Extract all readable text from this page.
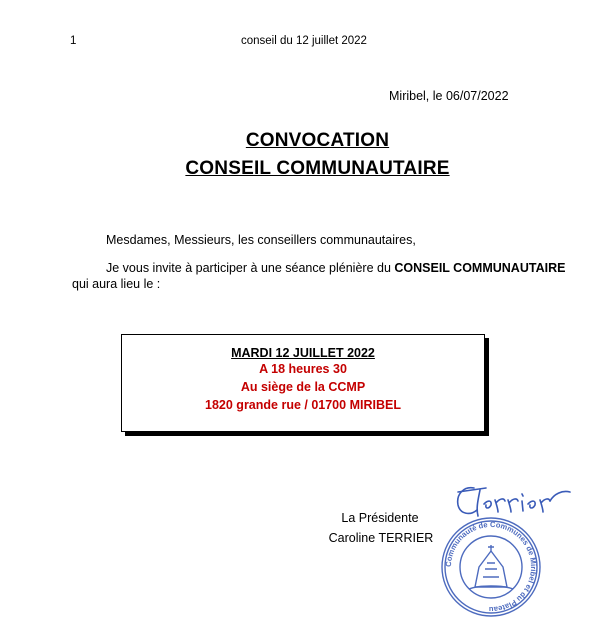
1	conseil du 12 juillet 2022
Miribel, le 06/07/2022
CONVOCATION
CONSEIL COMMUNAUTAIRE
Mesdames, Messieurs, les conseillers communautaires,
Je vous invite à participer à une séance plénière du CONSEIL COMMUNAUTAIRE
qui aura lieu le :
MARDI 12 JUILLET 2022
A 18 heures 30
Au siège de la CCMP
1820 grande rue / 01700 MIRIBEL
La Présidente
Caroline TERRIER
Communauté de Communes de Miribel et du Plateau
